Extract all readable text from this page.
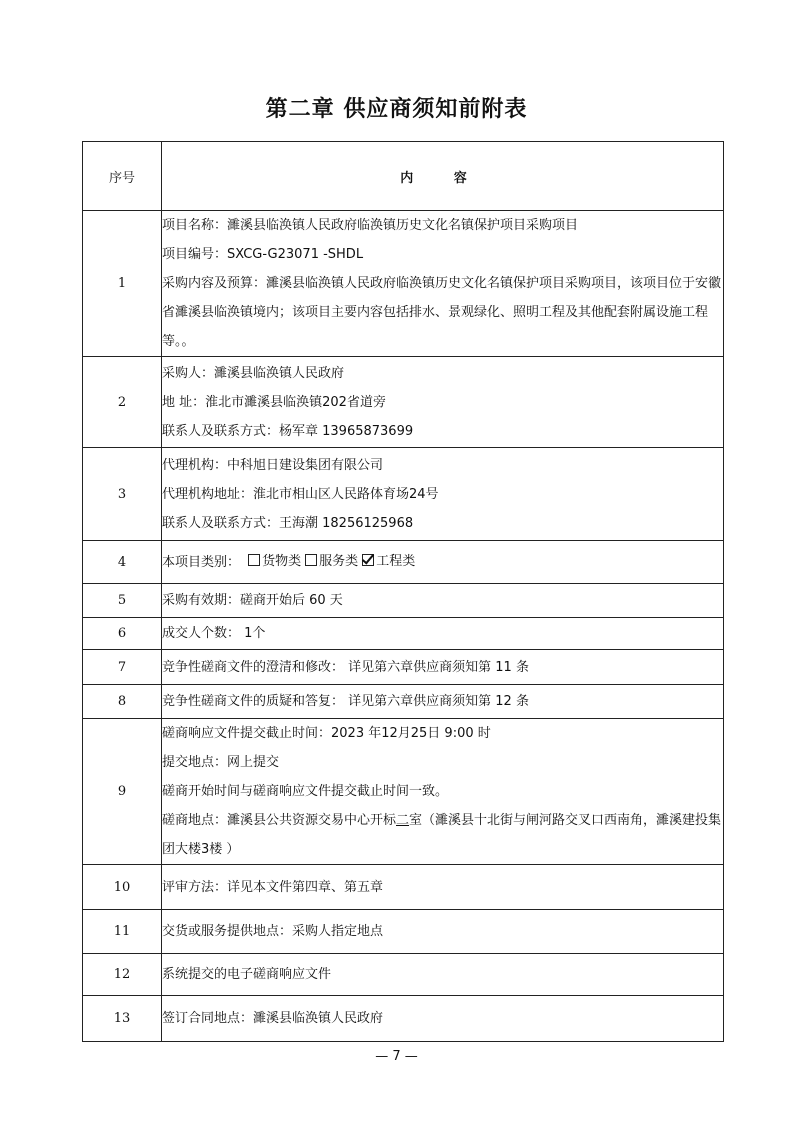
第二章 供应商须知前附表
序号	内 容
1	项目名称：濉溪县临涣镇人民政府临涣镇历史文化名镇保护项目采购项目
项目编号：SXCG-G23071 -SHDL
采购内容及预算：濉溪县临涣镇人民政府临涣镇历史文化名镇保护项目采购项目，该项目位于安徽省濉溪县临涣镇境内；该项目主要内容包括排水、景观绿化、照明工程及其他配套附属设施工程等。。

2	采购人：濉溪县临涣镇人民政府
地 址：淮北市濉溪县临涣镇202省道旁
联系人及联系方式：杨军章 13965873699

3	代理机构：中科旭日建设集团有限公司
代理机构地址：淮北市相山区人民路体育场24号
联系人及联系方式：王海潮 18256125968

4	本项目类别： 货物类 服务类 工程类

5	采购有效期：磋商开始后 60 天

6	成交人个数： 1个

7	竞争性磋商文件的澄清和修改： 详见第六章供应商须知第 11 条

8	竞争性磋商文件的质疑和答复： 详见第六章供应商须知第 12 条

9	磋商响应文件提交截止时间：2023 年12月25日 9:00 时
提交地点：网上提交
磋商开始时间与磋商响应文件提交截止时间一致。
磋商地点：濉溪县公共资源交易中心开标二室（濉溪县十北街与闸河路交叉口西南角，濉溪建投集团大楼3楼 ）

10	评审方法：详见本文件第四章、第五章

11	交货或服务提供地点：采购人指定地点

12	系统提交的电子磋商响应文件

13	签订合同地点：濉溪县临涣镇人民政府
— 7 —
